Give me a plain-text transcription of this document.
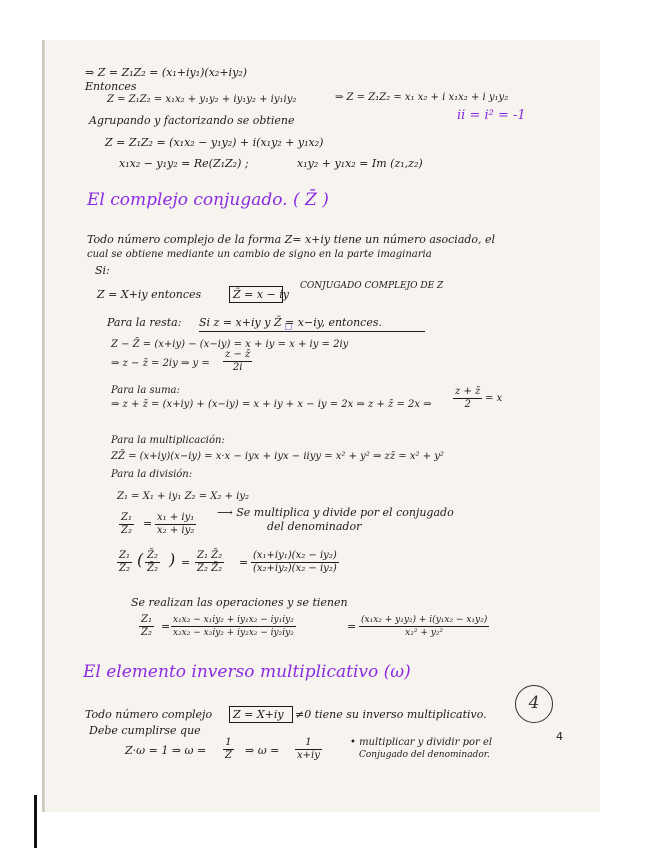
⇒ Z = Z₁Z₂ = (x₁+iy₁)(x₂+iy₂)
Entonces
Z = Z₁Z₂ = x₁x₂ + y₁y₂ + iy₁y₂ + iy₁iy₂	⇒ Z = Z₁Z₂ = x₁ x₂ + i x₁x₂ + i y₁y₂
ii = i² = -1
Agrupando y factorizando se obtiene
Z = Z₁Z₂ = (x₁x₂ − y₁y₂) + i(x₁y₂ + y₁x₂)
x₁x₂ − y₁y₂ = Re(Z₁Z₂) ;	x₁y₂ + y₁x₂ = Im (z₁,z₂)
El complejo conjugado. ( Z̄ )
Todo número complejo de la forma Z= x+iy tiene un número asociado, el
cual se obtiene mediante un cambio de signo en la parte imaginaria
Si:
Z = X+iy entonces	Z̄ = x − iy
CONJUGADO COMPLEJO DE Z
Para la resta: Si z = x+iy y Z̄ = x−iy, entonces.
Z − Z̄ = (x+iy) − (x−iy) = x + iy = x + iy = 2iy
⇒ z − z̄ = 2iy ⇒ $y = \frac{z - z̄}{2i}$
Para la suma:
⇒ z + z̄ = (x+iy) + (x−iy) = x + iy + x − iy = 2x ⇒ z + z̄ = 2x ⇒ $\frac{z + z̄}{2} = x$
Para la multiplicación:
ZZ̄ = (x+iy)(x−iy) = x·x − iyx + iyx − iiyy = x² + y² ⇒ zz̄ = x² + y²
Para la división:
Z₁ = X₁ + iy₁ Z₂ = X₂ + iy₂
$\frac{\text{Z₁}}{\text{Z₂}} = \frac{\text{x₁ + iy₁}}{\text{x₂ + iy₂}}$ ⟶ Se multiplica y divide por el conjugado
del denominador
$\frac{\text{Z₁}}{\text{Z₂}}$ ( $\frac{\text{Z̄₂}}{\text{Z̄₂}}$ ) = $\frac{\text{Z₁ Z̄₂}}{\text{Z₂ Z̄₂}} = \frac{\text{(x₁+iy₁)(x₂ − iy₂)}}{\text{(x₂+iy₂)(x₂ − iy₂)}}$
Se realizan las operaciones y se tienen
$\frac{\text{Z₁}}{\text{Z₂}} = \frac{\text{x₁x₂ − x₁iy₂ + iy₁x₂ − iy₁iy₂}}{\text{x₂x₂ − x₂iy₂ + iy₂x₂ − iy₂iy₂}}$	= $\frac{\text{(x₁x₂ + y₁y₂) + i(y₁x₂ − x₁y₂)}}{\text{x₂² + y₂²}}$
El elemento inverso multiplicativo (ω)
4
Todo número complejo Z = X+iy ≠0 tiene su inverso multiplicativo.
Debe cumplirse que
Z·ω = 1 ⇒ $\omega = \frac{1}{Z}$ ⇒ $\omega = \frac{1}{x+iy}$	• multiplicar y dividir por el
Conjugado del denominador.
4
